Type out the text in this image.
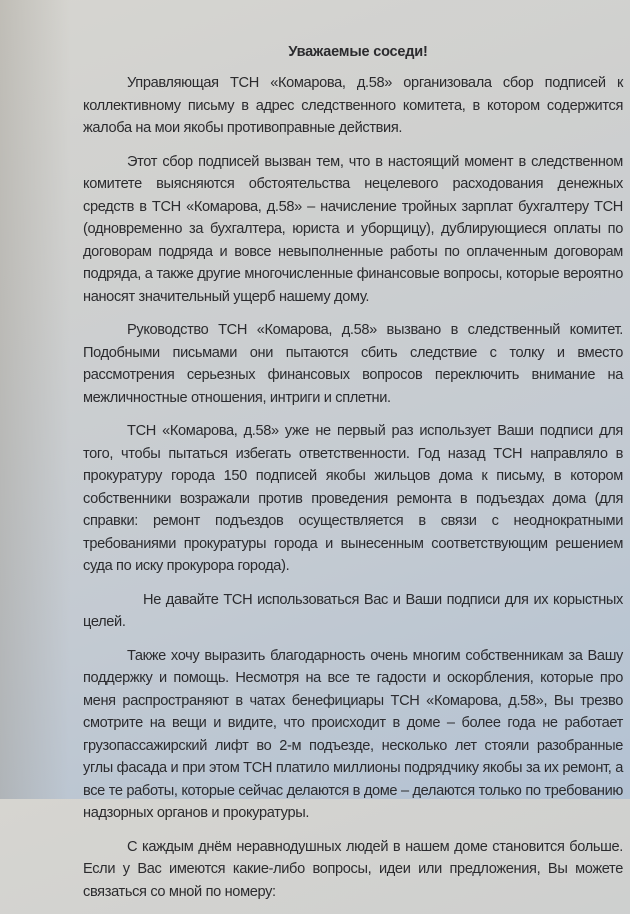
Уважаемые соседи!

Управляющая ТСН «Комарова, д.58» организовала сбор подписей к коллективному письму в адрес следственного комитета, в котором содержится жалоба на мои якобы противоправные действия.

Этот сбор подписей вызван тем, что в настоящий момент в следственном комитете выясняются обстоятельства нецелевого расходования денежных средств в ТСН «Комарова, д.58» – начисление тройных зарплат бухгалтеру ТСН (одновременно за бухгалтера, юриста и уборщицу), дублирующиеся оплаты по договорам подряда и вовсе невыполненные работы по оплаченным договорам подряда, а также другие многочисленные финансовые вопросы, которые вероятно наносят значительный ущерб нашему дому.

Руководство ТСН «Комарова, д.58» вызвано в следственный комитет. Подобными письмами они пытаются сбить следствие с толку и вместо рассмотрения серьезных финансовых вопросов переключить внимание на межличностные отношения, интриги и сплетни.

ТСН «Комарова, д.58» уже не первый раз использует Ваши подписи для того, чтобы пытаться избегать ответственности. Год назад ТСН направляло в прокуратуру города 150 подписей якобы жильцов дома к письму, в котором собственники возражали против проведения ремонта в подъездах дома (для справки: ремонт подъездов осуществляется в связи с неоднократными требованиями прокуратуры города и вынесенным соответствующим решением суда по иску прокурора города).

Не давайте ТСН использоваться Вас и Ваши подписи для их корыстных целей.

Также хочу выразить благодарность очень многим собственникам за Вашу поддержку и помощь. Несмотря на все те гадости и оскорбления, которые про меня распространяют в чатах бенефициары ТСН «Комарова, д.58», Вы трезво смотрите на вещи и видите, что происходит в доме – более года не работает грузопассажирский лифт во 2-м подъезде, несколько лет стояли разобранные углы фасада и при этом ТСН платило миллионы подрядчику якобы за их ремонт, а все те работы, которые сейчас делаются в доме – делаются только по требованию надзорных органов и прокуратуры.

С каждым днём неравнодушных людей в нашем доме становится больше. Если у Вас имеются какие-либо вопросы, идеи или предложения, Вы можете связаться со мной по номеру:
